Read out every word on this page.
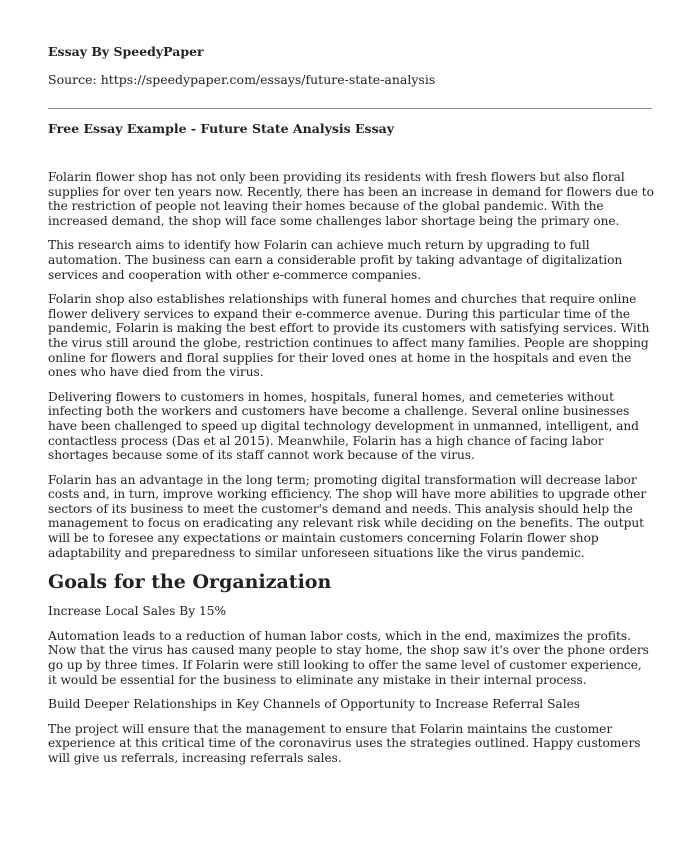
Essay By SpeedyPaper

Source: https://speedypaper.com/essays/future-state-analysis

Free Essay Example - Future State Analysis Essay

Folarin flower shop has not only been providing its residents with fresh flowers but also floral supplies for over ten years now. Recently, there has been an increase in demand for flowers due to the restriction of people not leaving their homes because of the global pandemic. With the increased demand, the shop will face some challenges labor shortage being the primary one.

This research aims to identify how Folarin can achieve much return by upgrading to full automation. The business can earn a considerable profit by taking advantage of digitalization services and cooperation with other e-commerce companies.

Folarin shop also establishes relationships with funeral homes and churches that require online flower delivery services to expand their e-commerce avenue. During this particular time of the pandemic, Folarin is making the best effort to provide its customers with satisfying services. With the virus still around the globe, restriction continues to affect many families. People are shopping online for flowers and floral supplies for their loved ones at home in the hospitals and even the ones who have died from the virus.

Delivering flowers to customers in homes, hospitals, funeral homes, and cemeteries without infecting both the workers and customers have become a challenge. Several online businesses have been challenged to speed up digital technology development in unmanned, intelligent, and contactless process (Das et al 2015). Meanwhile, Folarin has a high chance of facing labor shortages because some of its staff cannot work because of the virus.

Folarin has an advantage in the long term; promoting digital transformation will decrease labor costs and, in turn, improve working efficiency. The shop will have more abilities to upgrade other sectors of its business to meet the customer's demand and needs. This analysis should help the management to focus on eradicating any relevant risk while deciding on the benefits. The output will be to foresee any expectations or maintain customers concerning Folarin flower shop adaptability and preparedness to similar unforeseen situations like the virus pandemic.

Goals for the Organization

Increase Local Sales By 15%

Automation leads to a reduction of human labor costs, which in the end, maximizes the profits. Now that the virus has caused many people to stay home, the shop saw it's over the phone orders go up by three times. If Folarin were still looking to offer the same level of customer experience, it would be essential for the business to eliminate any mistake in their internal process.

Build Deeper Relationships in Key Channels of Opportunity to Increase Referral Sales

The project will ensure that the management to ensure that Folarin maintains the customer experience at this critical time of the coronavirus uses the strategies outlined. Happy customers will give us referrals, increasing referrals sales.
